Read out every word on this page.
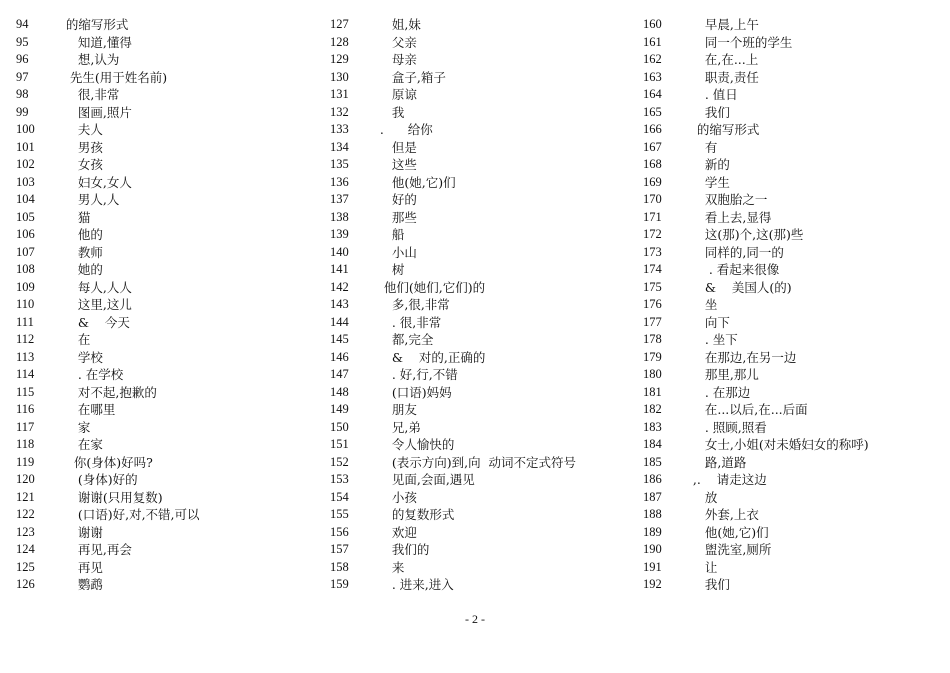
94	的缩写形式
95	知道,懂得
96	想,认为
97	先生(用于姓名前)
98	很,非常
99	图画,照片
100	夫人
101	男孩
102	女孩
103	妇女,女人
104	男人,人
105	猫
106	他的
107	教师
108	她的
109	每人,人人
110	这里,这儿
111	&    今天
112	在
113	学校
114	. 在学校
115	对不起,抱歉的
116	在哪里
117	家
118	在家
119	你(身体)好吗?
120	(身体)好的
121	谢谢(只用复数)
122	(口语)好,对,不错,可以
123	谢谢
124	再见,再会
125	再见
126	鹦鹉
127	姐,妹
128	父亲
129	母亲
130	盒子,箱子
131	原谅
132	我
133	.      给你
134	但是
135	这些
136	他(她,它)们
137	好的
138	那些
139	船
140	小山
141	树
142	他们(她们,它们)的
143	多,很,非常
144	. 很,非常
145	都,完全
146	&    对的,正确的
147	. 好,行,不错
148	(口语)妈妈
149	朋友
150	兄,弟
151	令人愉快的
152	(表示方向)到,向  动词不定式符号
153	见面,会面,遇见
154	小孩
155	的复数形式
156	欢迎
157	我们的
158	来
159	. 进来,进入
160	早晨,上午
161	同一个班的学生
162	在,在...上
163	职责,责任
164	. 值日
165	我们
166	的缩写形式
167	有
168	新的
169	学生
170	双胞胎之一
171	看上去,显得
172	这(那)个,这(那)些
173	同样的,同一的
174	. 看起来很像
175	&    美国人(的)
176	坐
177	向下
178	. 坐下
179	在那边,在另一边
180	那里,那儿
181	. 在那边
182	在...以后,在...后面
183	. 照顾,照看
184	女士,小姐(对未婚妇女的称呼)
185	路,道路
186	,.    请走这边
187	放
188	外套,上衣
189	他(她,它)们
190	盥洗室,厕所
191	让
192	我们
- 2 -
